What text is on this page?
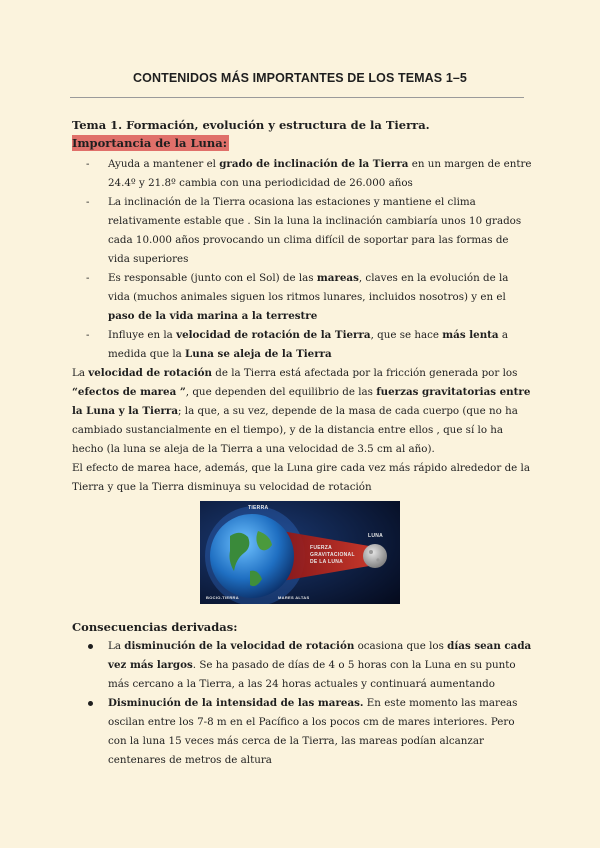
CONTENIDOS MÁS IMPORTANTES DE LOS TEMAS 1–5
Tema 1. Formación, evolución y estructura de la Tierra.
Importancia de la Luna:
- Ayuda a mantener el grado de inclinación de la Tierra en un margen de entre 24.4º y 21.8º cambia con una periodicidad de 26.000 años
- La inclinación de la Tierra ocasiona las estaciones y mantiene el clima relativamente estable que . Sin la luna la inclinación cambiaría unos 10 grados cada 10.000 años provocando un clima difícil de soportar para las formas de vida superiores
- Es responsable (junto con el Sol) de las mareas, claves en la evolución de la vida (muchos animales siguen los ritmos lunares, incluidos nosotros) y en el paso de la vida marina a la terrestre
- Influye en la velocidad de rotación de la Tierra, que se hace más lenta a medida que la Luna se aleja de la Tierra

La velocidad de rotación de la Tierra está afectada por la fricción generada por los “efectos de marea ”, que dependen del equilibrio de las fuerzas gravitatorias entre la Luna y la Tierra; la que, a su vez, depende de la masa de cada cuerpo (que no ha cambiado sustancialmente en el tiempo), y de la distancia entre ellos , que sí lo ha hecho (la luna se aleja de la Tierra a una velocidad de 3.5 cm al año).

El efecto de marea hace, además, que la Luna gire cada vez más rápido alrededor de la Tierra y que la Tierra disminuya su velocidad de rotación

TIERRA
LUNA
FUERZA
GRAVITACIONAL
DE LA LUNA
BOCIO-TIERRA	MARES ALTAS
Consecuencias derivadas:
La disminución de la velocidad de rotación ocasiona que los días sean cada vez más largos. Se ha pasado de días de 4 o 5 horas con la Luna en su punto más cercano a la Tierra, a las 24 horas actuales y continuará aumentando
Disminución de la intensidad de las mareas. En este momento las mareas oscilan entre los 7-8 m en el Pacífico a los pocos cm de mares interiores. Pero con la luna 15 veces más cerca de la Tierra, las mareas podían alcanzar centenares de metros de altura
